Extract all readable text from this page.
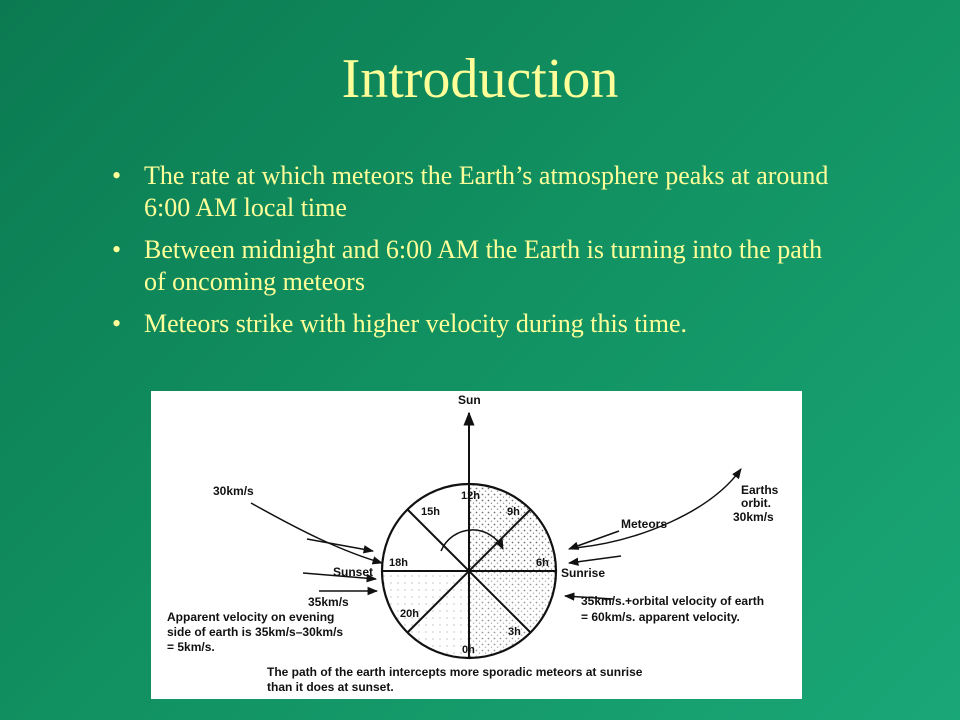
Introduction
• The rate at which meteors the Earth’s atmosphere peaks at around 6:00 AM local time
• Between midnight and 6:00 AM the Earth is turning into the path of oncoming meteors
• Meteors strike with higher velocity during this time.
Sun
12h
15h	9h
18h	6h
20h
3h
0h
30km/s
Sunset
35km/s
Earths
orbit.
30km/s
Meteors
Sunrise
Apparent velocity on evening
side of earth is 35km/s–30km/s
= 5km/s.
35km/s.+orbital velocity of earth
= 60km/s. apparent velocity.
The path of the earth intercepts more sporadic meteors at sunrise
than it does at sunset.
